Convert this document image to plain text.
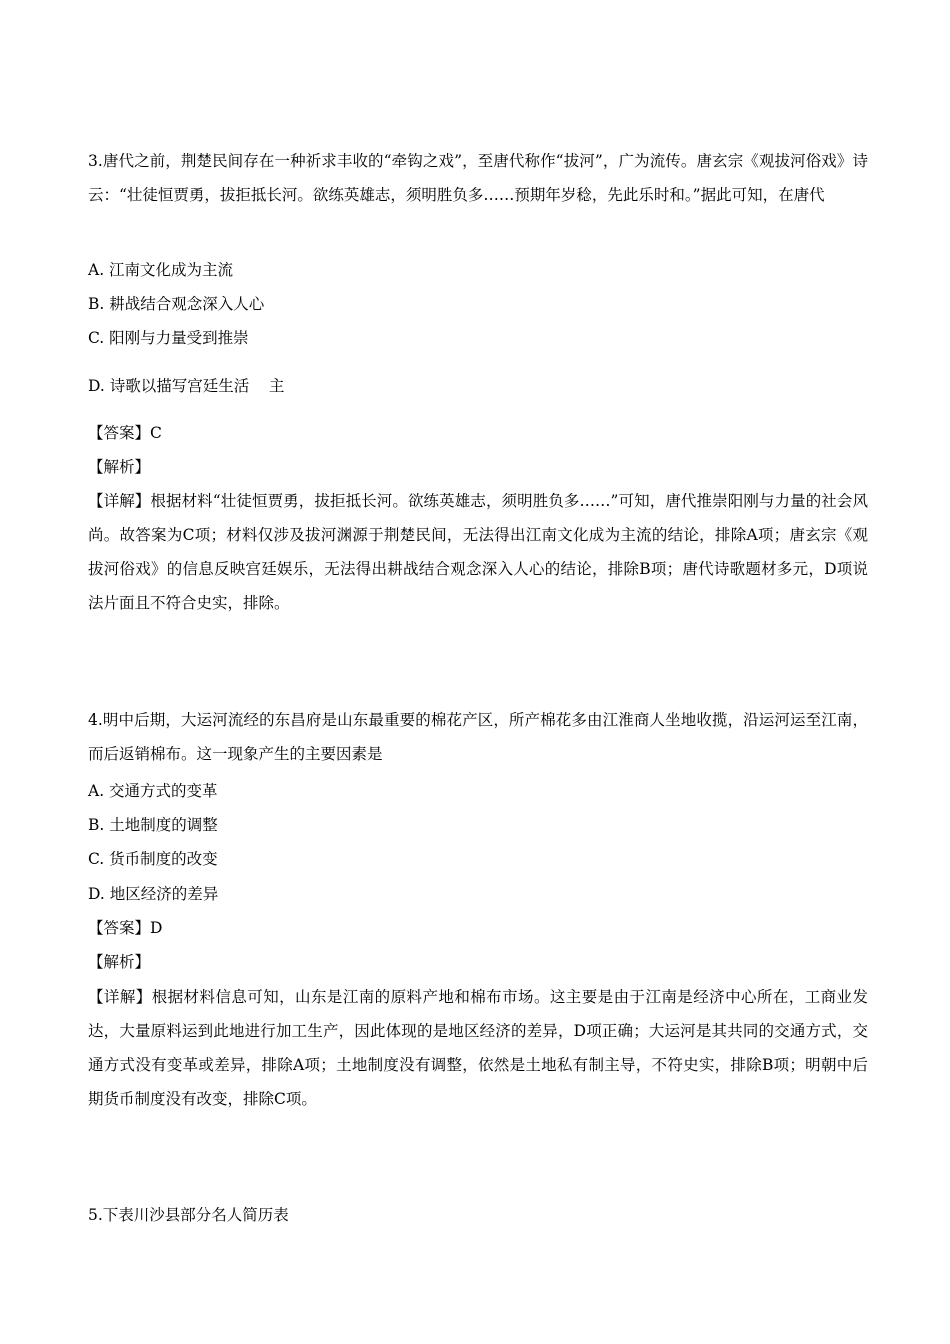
3.唐代之前，荆楚民间存在一种祈求丰收的“牵钩之戏”，至唐代称作“拔河”，广为流传。唐玄宗《观拔河俗戏》诗云：“壮徒恒贾勇，拔拒抵长河。欲练英雄志，须明胜负多……预期年岁稔，先此乐时和。”据此可知，在唐代

A. 江南文化成为主流

B. 耕战结合观念深入人心

C. 阳刚与力量受到推崇

D. 诗歌以描写宫廷生活    主

【答案】C

【解析】

【详解】根据材料“壮徒恒贾勇，拔拒抵长河。欲练英雄志，须明胜负多……”可知，唐代推崇阳刚与力量的社会风尚。故答案为C项；材料仅涉及拔河渊源于荆楚民间，无法得出江南文化成为主流的结论，排除A项；唐玄宗《观拔河俗戏》的信息反映宫廷娱乐，无法得出耕战结合观念深入人心的结论，排除B项；唐代诗歌题材多元，D项说法片面且不符合史实，排除。

4.明中后期，大运河流经的东昌府是山东最重要的棉花产区，所产棉花多由江淮商人坐地收揽，沿运河运至江南，而后返销棉布。这一现象产生的主要因素是

A. 交通方式的变革

B. 土地制度的调整

C. 货币制度的改变

D. 地区经济的差异

【答案】D

【解析】

【详解】根据材料信息可知，山东是江南的原料产地和棉布市场。这主要是由于江南是经济中心所在，工商业发达，大量原料运到此地进行加工生产，因此体现的是地区经济的差异，D项正确；大运河是其共同的交通方式，交通方式没有变革或差异，排除A项；土地制度没有调整，依然是土地私有制主导，不符史实，排除B项；明朝中后期货币制度没有改变，排除C项。

5.下表川沙县部分名人简历表
